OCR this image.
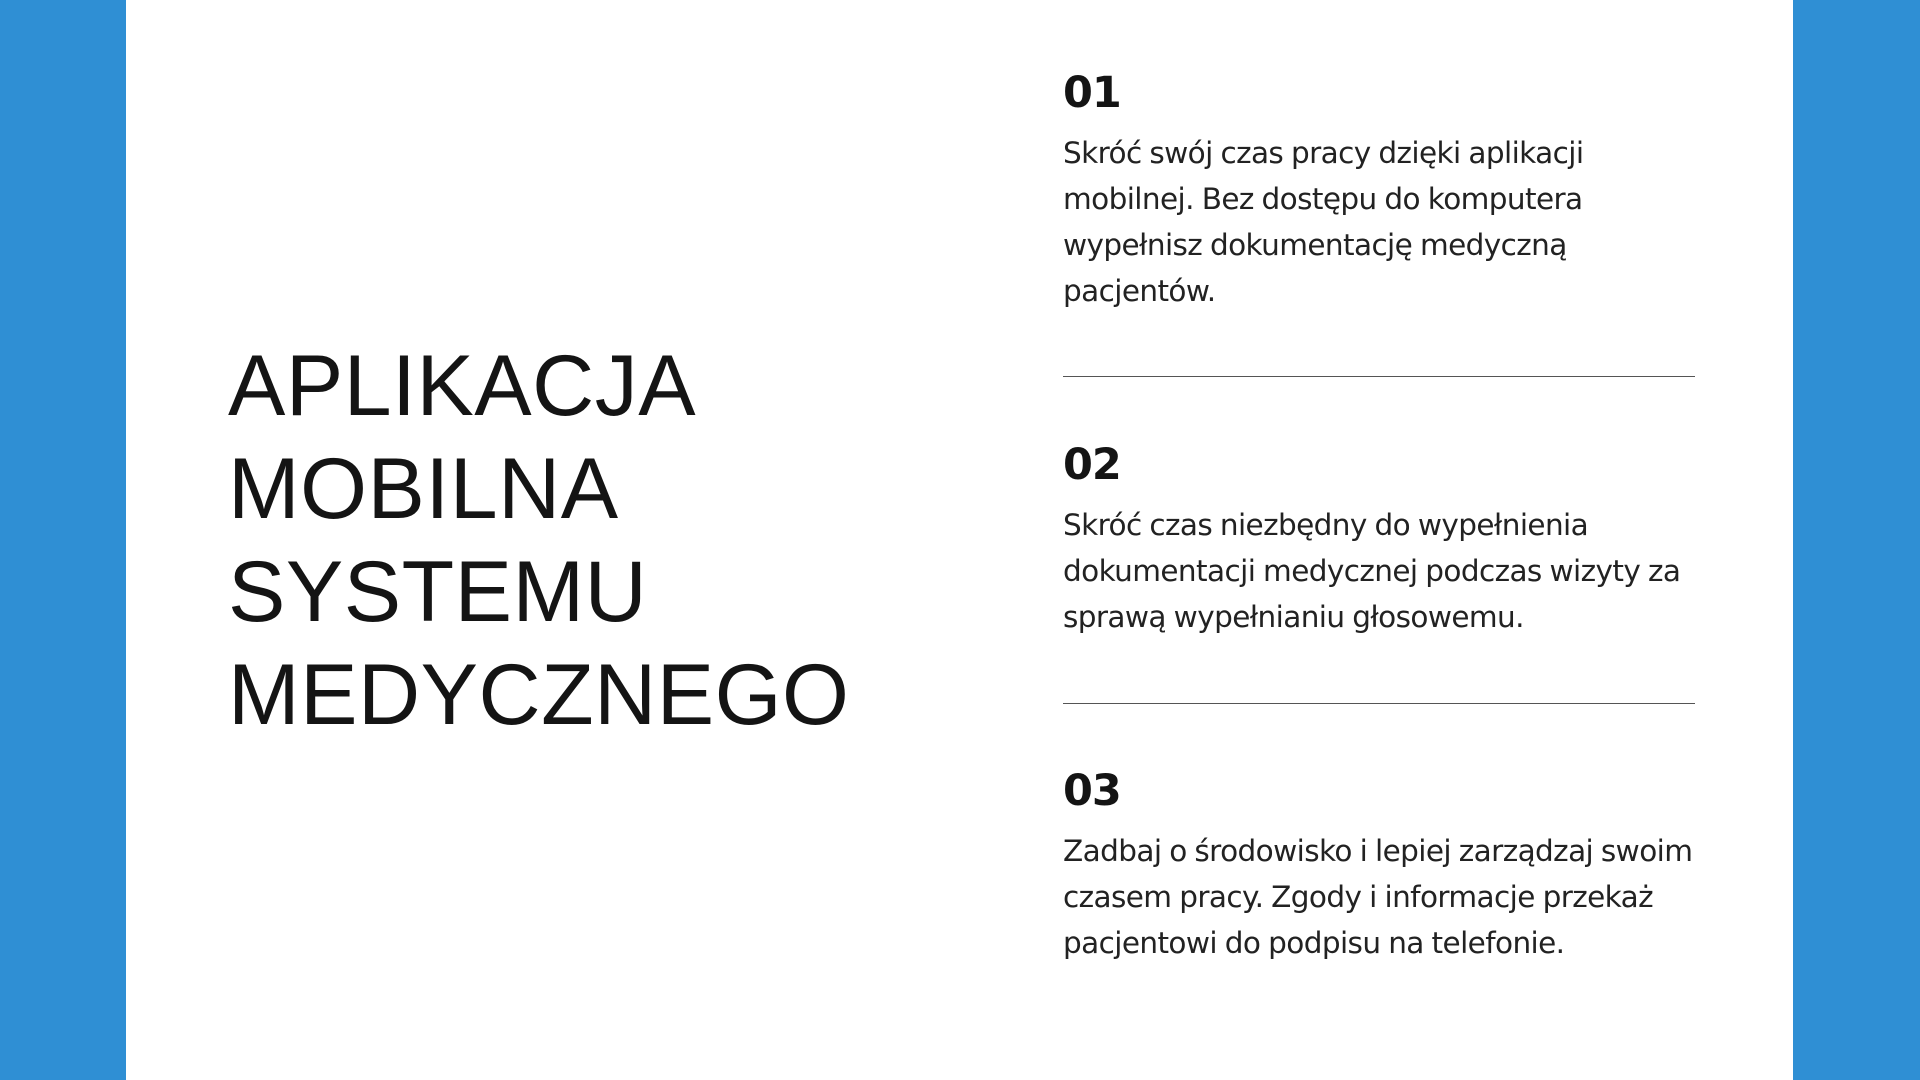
APLIKACJA
MOBILNA
SYSTEMU
MEDYCZNEGO
01
Skróć swój czas pracy dzięki aplikacji mobilnej. Bez dostępu do komputera wypełnisz dokumentację medyczną pacjentów.
02
Skróć czas niezbędny do wypełnienia dokumentacji medycznej podczas wizyty za sprawą wypełnianiu głosowemu.
03
Zadbaj o środowisko i lepiej zarządzaj swoim czasem pracy. Zgody i informacje przekaż pacjentowi do podpisu na telefonie.
